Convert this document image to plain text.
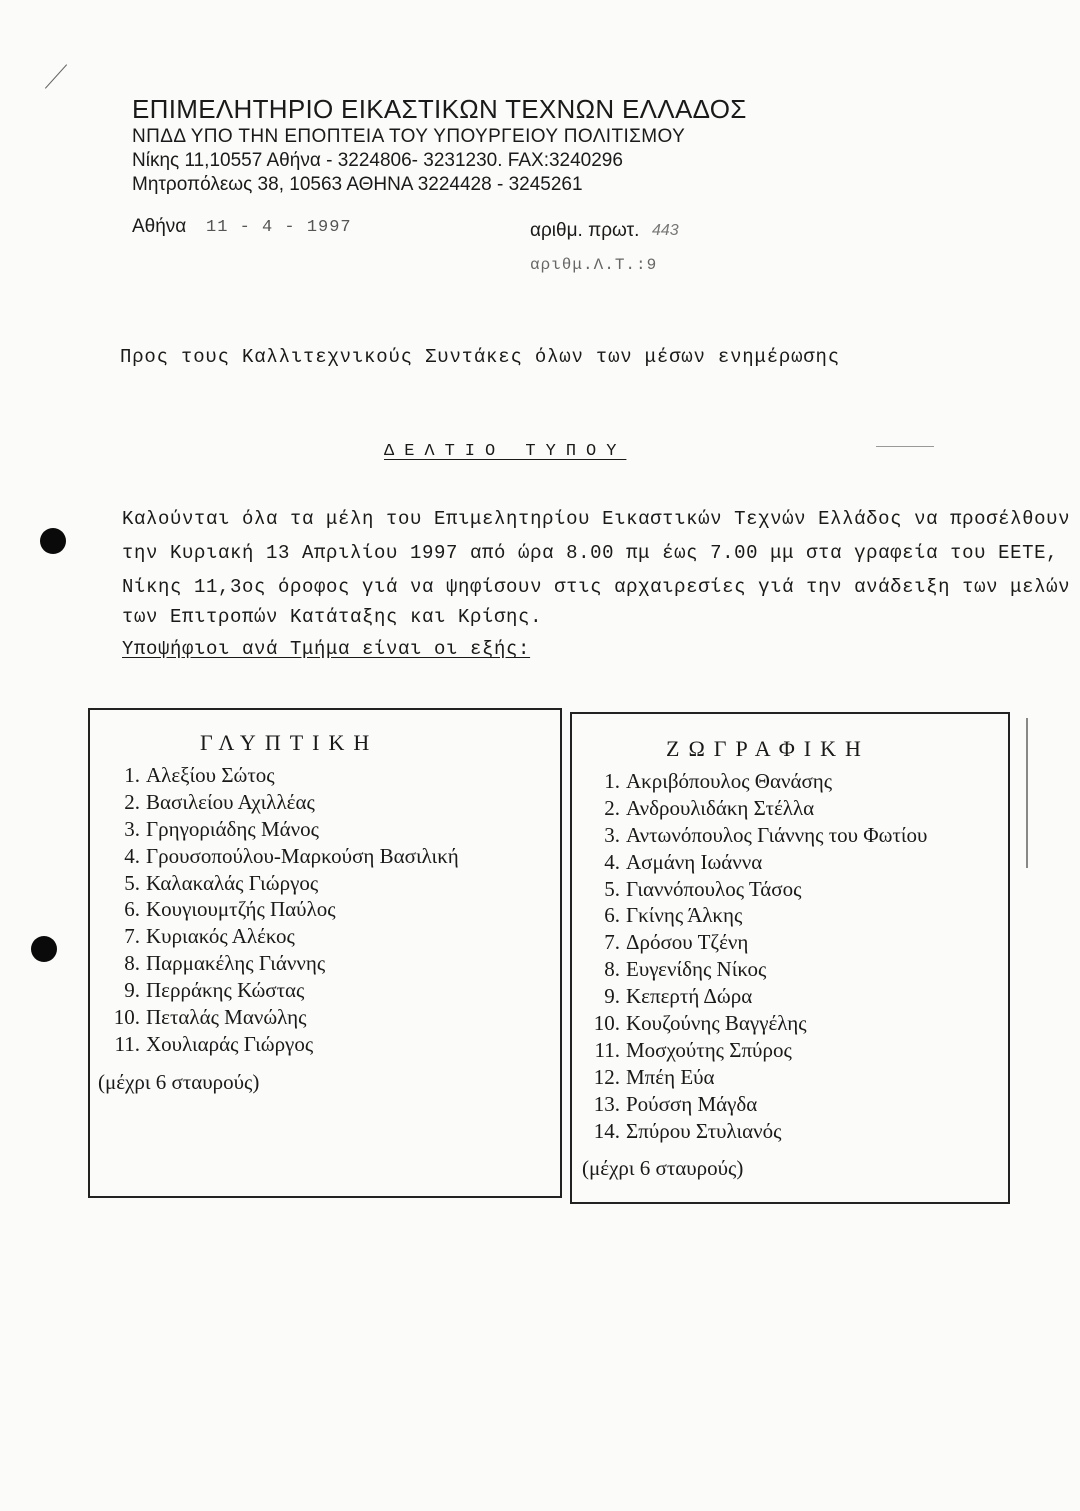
ΕΠΙΜΕΛΗΤΗΡΙΟ ΕΙΚΑΣΤΙΚΩΝ ΤΕΧΝΩΝ ΕΛΛΑΔΟΣ
ΝΠΔΔ ΥΠΟ ΤΗΝ ΕΠΟΠΤΕΙΑ ΤΟΥ ΥΠΟΥΡΓΕΙΟΥ ΠΟΛΙΤΙΣΜΟΥ
Νίκης 11,10557 Αθήνα - 3224806- 3231230. FAX:3240296
Μητροπόλεως 38, 10563 ΑΘΗΝΑ 3224428 - 3245261
Αθήνα 11 - 4 - 1997	αριθμ. πρωτ. 443
αριθμ.Λ.Τ.:9
Προς τους Καλλιτεχνικούς Συντάκες όλων των μέσων ενημέρωσης
ΔΕΛΤΙΟ ΤΥΠΟΥ
Καλούνται όλα τα μέλη του Επιμελητηρίου Εικαστικών Τεχνών Ελλάδος να προσέλθουν
την Κυριακή 13 Απριλίου 1997 από ώρα 8.00 πμ έως 7.00 μμ στα γραφεία του ΕΕΤΕ,
Νίκης 11,3ος όροφος γιά να ψηφίσουν στις αρχαιρεσίες γιά την ανάδειξη των μελών
των Επιτροπών Κατάταξης και Κρίσης.
Υποψήφιοι ανά Τμήμα είναι οι εξής:
ΓΛΥΠΤΙΚΗ
1. Αλεξίου Σώτος
2. Βασιλείου Αχιλλέας
3. Γρηγοριάδης Μάνος
4. Γρουσοπούλου-Μαρκούση Βασιλική
5. Καλακαλάς Γιώργος
6. Κουγιουμτζής Παύλος
7. Κυριακός Αλέκος
8. Παρμακέλης Γιάννης
9. Περράκης Κώστας
10. Πεταλάς Μανώλης
11. Χουλιαράς Γιώργος
(μέχρι 6 σταυρούς)
ΖΩΓΡΑΦΙΚΗ
1. Ακριβόπουλος Θανάσης
2. Ανδρουλιδάκη Στέλλα
3. Αντωνόπουλος Γιάννης του Φωτίου
4. Ασμάνη Ιωάννα
5. Γιαννόπουλος Τάσος
6. Γκίνης Άλκης
7. Δρόσου Τζένη
8. Ευγενίδης Νίκος
9. Κεπερτή Δώρα
10. Κουζούνης Βαγγέλης
11. Μοσχούτης Σπύρος
12. Μπέη Εύα
13. Ρούσση Μάγδα
14. Σπύρου Στυλιανός
(μέχρι 6 σταυρούς)
